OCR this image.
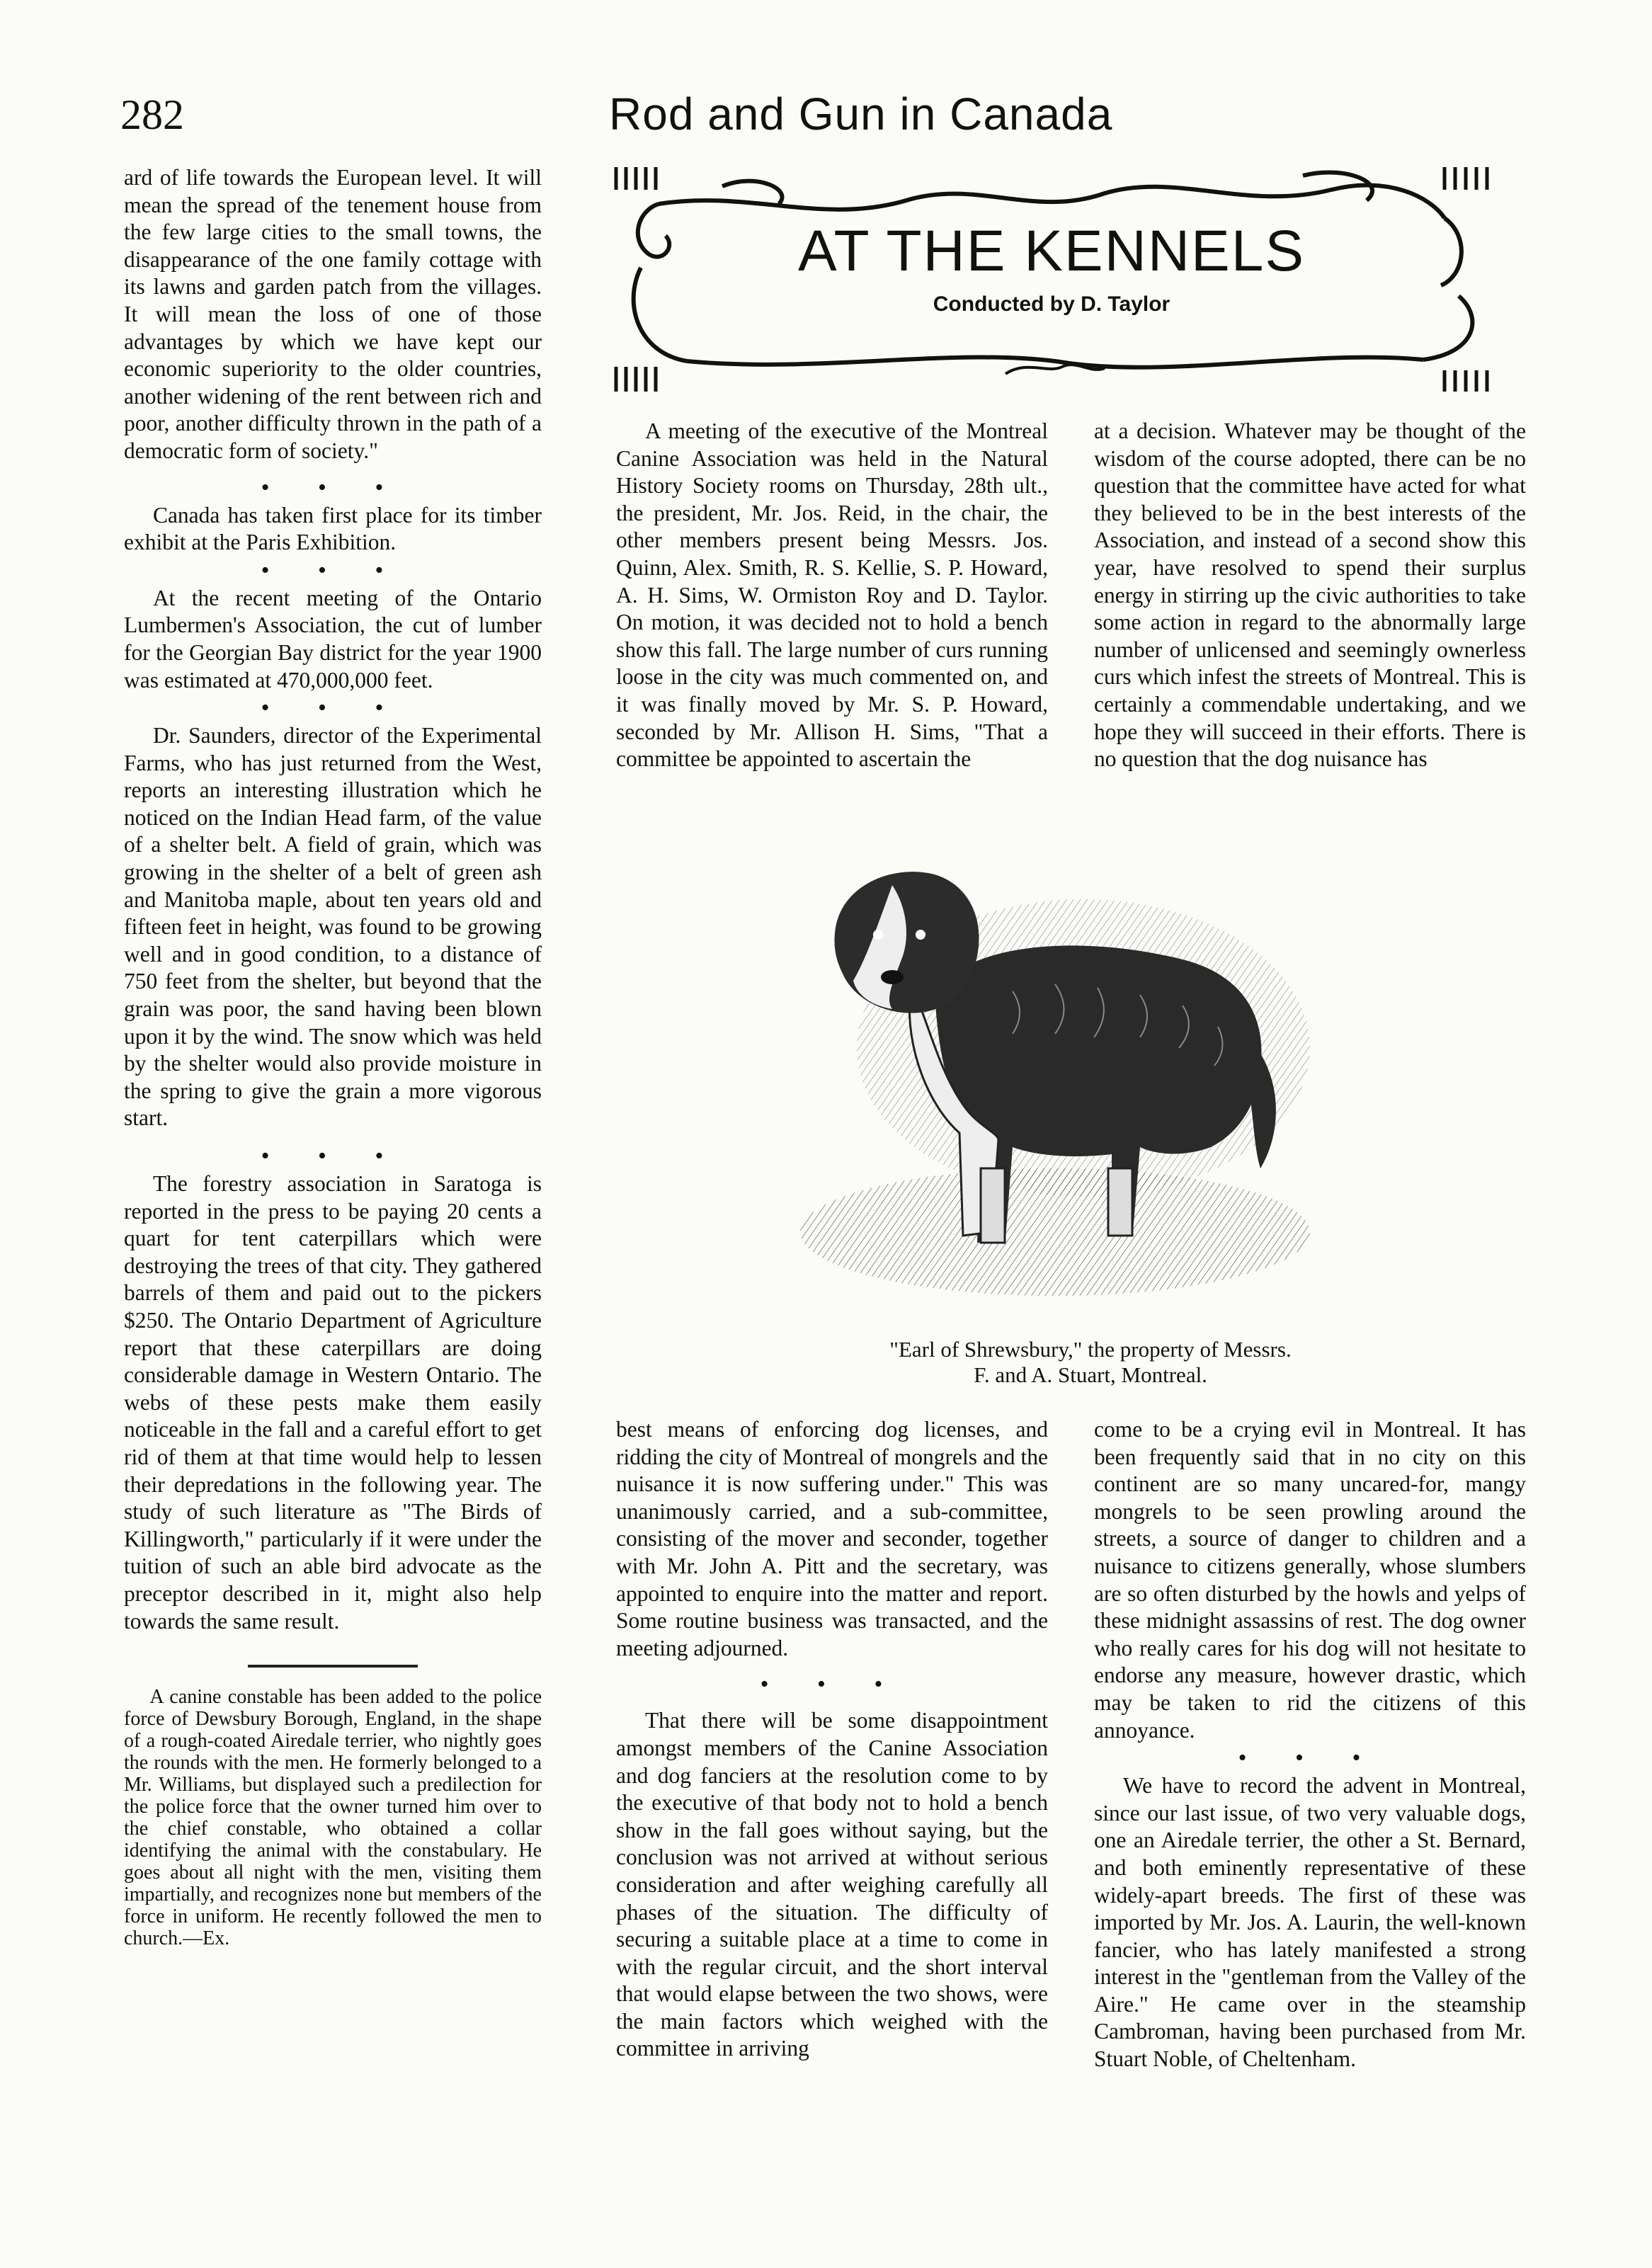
282	Rod and Gun in Canada
AT THE KENNELS
Conducted by D. Taylor

ard of life towards the European level. It will mean the spread of the tenement house from the few large cities to the small towns, the disappearance of the one family cottage with its lawns and garden patch from the villages. It will mean the loss of one of those advantages by which we have kept our economic superiority to the older countries, another widening of the rent between rich and poor, another difficulty thrown in the path of a democratic form of society."

• • •

Canada has taken first place for its timber exhibit at the Paris Exhibition.

• • •

At the recent meeting of the Ontario Lumbermen's Association, the cut of lumber for the Georgian Bay district for the year 1900 was estimated at 470,000,000 feet.

• • •

Dr. Saunders, director of the Experimental Farms, who has just returned from the West, reports an interesting illustration which he noticed on the Indian Head farm, of the value of a shelter belt. A field of grain, which was growing in the shelter of a belt of green ash and Manitoba maple, about ten years old and fifteen feet in height, was found to be growing well and in good condition, to a distance of 750 feet from the shelter, but beyond that the grain was poor, the sand having been blown upon it by the wind. The snow which was held by the shelter would also provide moisture in the spring to give the grain a more vigorous start.

• • •

The forestry association in Saratoga is reported in the press to be paying 20 cents a quart for tent caterpillars which were destroying the trees of that city. They gathered barrels of them and paid out to the pickers $250. The Ontario Department of Agriculture report that these caterpillars are doing considerable damage in Western Ontario. The webs of these pests make them easily noticeable in the fall and a careful effort to get rid of them at that time would help to lessen their depredations in the following year. The study of such literature as "The Birds of Killingworth," particularly if it were under the tuition of such an able bird advocate as the preceptor described in it, might also help towards the same result.

A canine constable has been added to the police force of Dewsbury Borough, England, in the shape of a rough-coated Airedale terrier, who nightly goes the rounds with the men. He formerly belonged to a Mr. Williams, but displayed such a predilection for the police force that the owner turned him over to the chief constable, who obtained a collar identifying the animal with the constabulary. He goes about all night with the men, visiting them impartially, and recognizes none but members of the force in uniform. He recently followed the men to church.—Ex.

A meeting of the executive of the Montreal Canine Association was held in the Natural History Society rooms on Thursday, 28th ult., the president, Mr. Jos. Reid, in the chair, the other members present being Messrs. Jos. Quinn, Alex. Smith, R. S. Kellie, S. P. Howard, A. H. Sims, W. Ormiston Roy and D. Taylor. On motion, it was decided not to hold a bench show this fall. The large number of curs running loose in the city was much commented on, and it was finally moved by Mr. S. P. Howard, seconded by Mr. Allison H. Sims, "That a committee be appointed to ascertain the

at a decision. Whatever may be thought of the wisdom of the course adopted, there can be no question that the committee have acted for what they believed to be in the best interests of the Association, and instead of a second show this year, have resolved to spend their surplus energy in stirring up the civic authorities to take some action in regard to the abnormally large number of unlicensed and seemingly ownerless curs which infest the streets of Montreal. This is certainly a commendable undertaking, and we hope they will succeed in their efforts. There is no question that the dog nuisance has

"Earl of Shrewsbury," the property of Messrs.
F. and A. Stuart, Montreal.

best means of enforcing dog licenses, and ridding the city of Montreal of mongrels and the nuisance it is now suffering under." This was unanimously carried, and a sub-committee, consisting of the mover and seconder, together with Mr. John A. Pitt and the secretary, was appointed to enquire into the matter and report. Some routine business was transacted, and the meeting adjourned.

• • •

That there will be some disappointment amongst members of the Canine Association and dog fanciers at the resolution come to by the executive of that body not to hold a bench show in the fall goes without saying, but the conclusion was not arrived at without serious consideration and after weighing carefully all phases of the situation. The difficulty of securing a suitable place at a time to come in with the regular circuit, and the short interval that would elapse between the two shows, were the main factors which weighed with the committee in arriving

come to be a crying evil in Montreal. It has been frequently said that in no city on this continent are so many uncared-for, mangy mongrels to be seen prowling around the streets, a source of danger to children and a nuisance to citizens generally, whose slumbers are so often disturbed by the howls and yelps of these midnight assassins of rest. The dog owner who really cares for his dog will not hesitate to endorse any measure, however drastic, which may be taken to rid the citizens of this annoyance.

• • •

We have to record the advent in Montreal, since our last issue, of two very valuable dogs, one an Airedale terrier, the other a St. Bernard, and both eminently representative of these widely-apart breeds. The first of these was imported by Mr. Jos. A. Laurin, the well-known fancier, who has lately manifested a strong interest in the "gentleman from the Valley of the Aire." He came over in the steamship Cambroman, having been purchased from Mr. Stuart Noble, of Cheltenham.
